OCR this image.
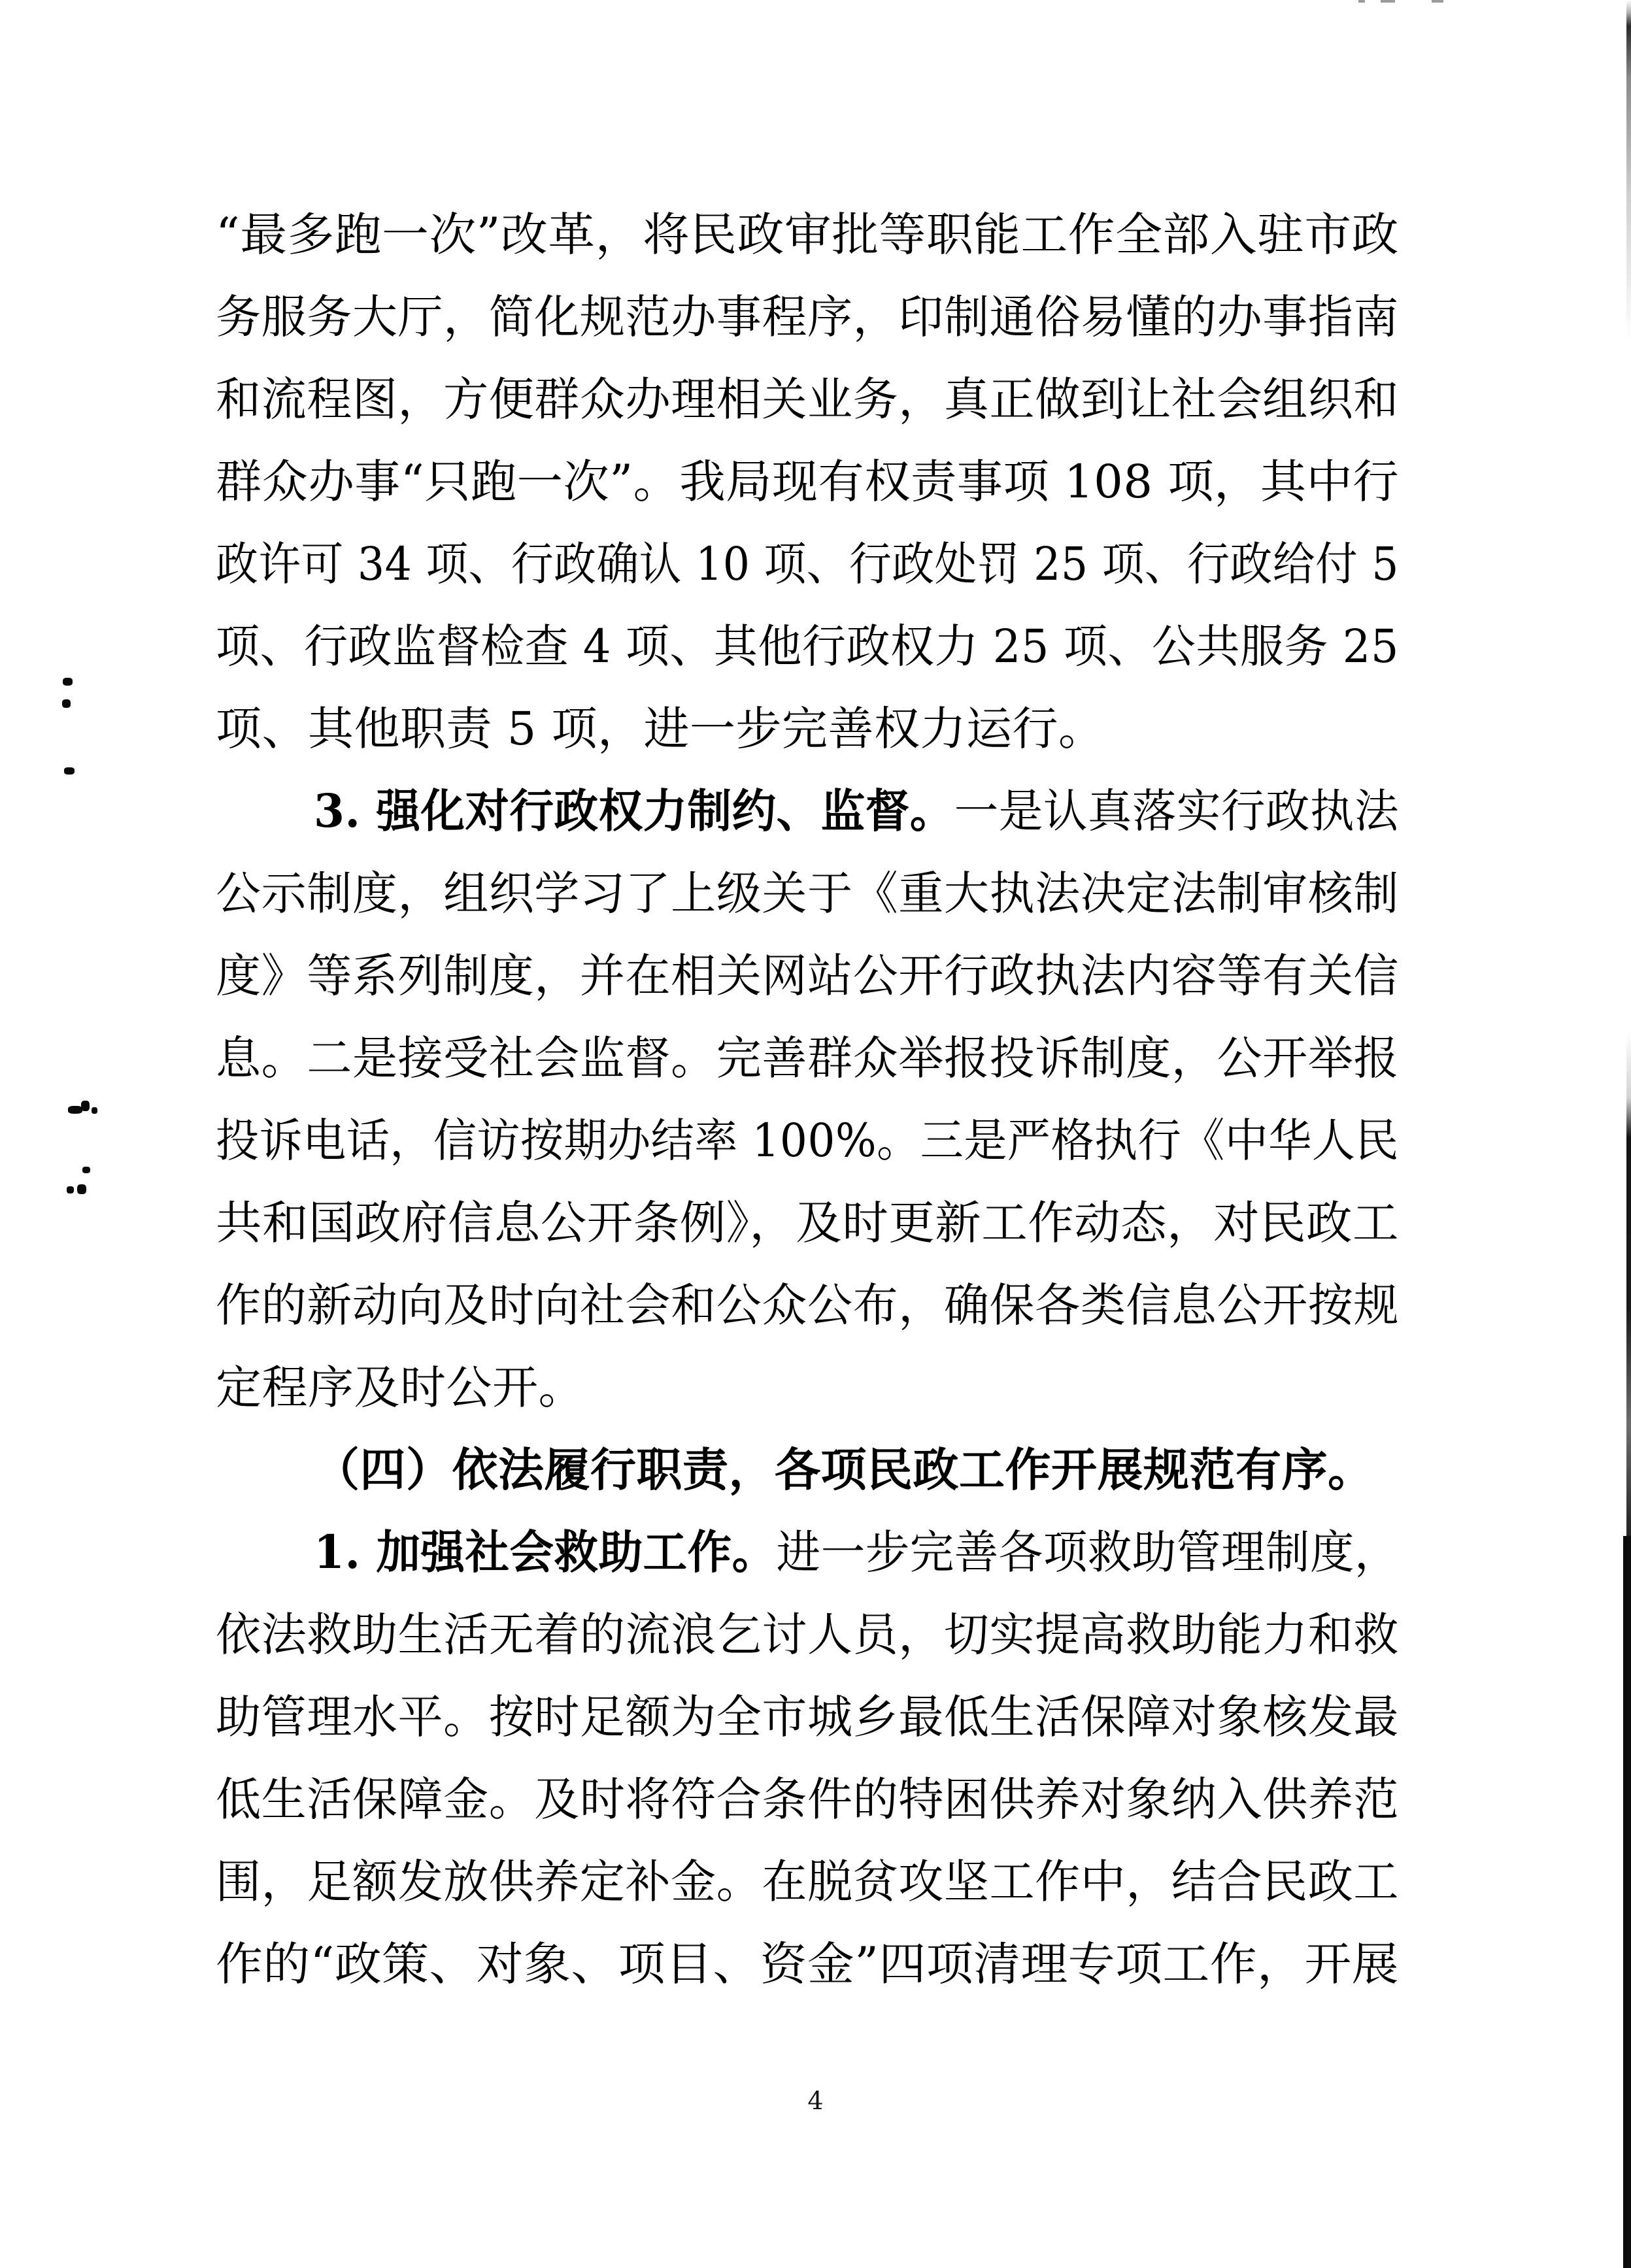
“最多跑一次”改革，将民政审批等职能工作全部入驻市政
务服务大厅，简化规范办事程序，印制通俗易懂的办事指南
和流程图，方便群众办理相关业务，真正做到让社会组织和
群众办事“只跑一次”。我局现有权责事项 108 项，其中行
政许可 34 项、行政确认 10 项、行政处罚 25 项、行政给付 5
项、行政监督检查 4 项、其他行政权力 25 项、公共服务 25
项、其他职责 5 项，进一步完善权力运行。
3. 强化对行政权力制约、监督。一是认真落实行政执法
公示制度，组织学习了上级关于《重大执法决定法制审核制
度》等系列制度，并在相关网站公开行政执法内容等有关信
息。二是接受社会监督。完善群众举报投诉制度，公开举报
投诉电话，信访按期办结率 100%。三是严格执行《中华人民
共和国政府信息公开条例》，及时更新工作动态，对民政工
作的新动向及时向社会和公众公布，确保各类信息公开按规
定程序及时公开。
（四）依法履行职责，各项民政工作开展规范有序。
1. 加强社会救助工作。进一步完善各项救助管理制度，
依法救助生活无着的流浪乞讨人员，切实提高救助能力和救
助管理水平。按时足额为全市城乡最低生活保障对象核发最
低生活保障金。及时将符合条件的特困供养对象纳入供养范
围，足额发放供养定补金。在脱贫攻坚工作中，结合民政工
作的“政策、对象、项目、资金”四项清理专项工作，开展
4
